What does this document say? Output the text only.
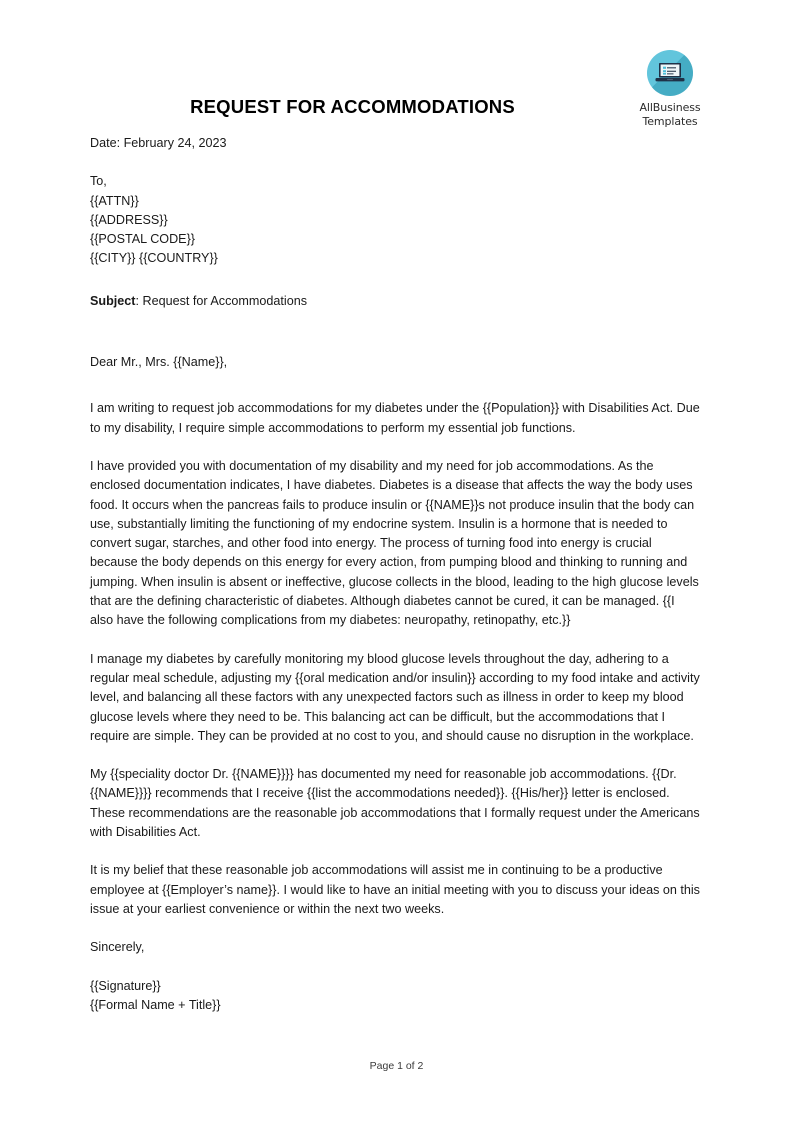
AllBusiness
Templates
REQUEST FOR ACCOMMODATIONS
Date: February 24, 2023
To,
{{ATTN}}
{{ADDRESS}}
{{POSTAL CODE}}
{{CITY}} {{COUNTRY}}
Subject: Request for Accommodations
Dear Mr., Mrs. {{Name}},

I am writing to request job accommodations for my diabetes under the {{Population}} with Disabilities Act. Due to my disability, I require simple accommodations to perform my essential job functions.

I have provided you with documentation of my disability and my need for job accommodations. As the enclosed documentation indicates, I have diabetes. Diabetes is a disease that affects the way the body uses food. It occurs when the pancreas fails to produce insulin or {{NAME}}s not produce insulin that the body can use, substantially limiting the functioning of my endocrine system. Insulin is a hormone that is needed to convert sugar, starches, and other food into energy. The process of turning food into energy is crucial because the body depends on this energy for every action, from pumping blood and thinking to running and jumping. When insulin is absent or ineffective, glucose collects in the blood, leading to the high glucose levels that are the defining characteristic of diabetes. Although diabetes cannot be cured, it can be managed. {{I also have the following complications from my diabetes: neuropathy, retinopathy, etc.}}

I manage my diabetes by carefully monitoring my blood glucose levels throughout the day, adhering to a regular meal schedule, adjusting my {{oral medication and/or insulin}} according to my food intake and activity level, and balancing all these factors with any unexpected factors such as illness in order to keep my blood glucose levels where they need to be. This balancing act can be difficult, but the accommodations that I require are simple. They can be provided at no cost to you, and should cause no disruption in the workplace.

My {{speciality doctor Dr. {{NAME}}}} has documented my need for reasonable job accommodations. {{Dr. {{NAME}}}} recommends that I receive {{list the accommodations needed}}. {{His/her}} letter is enclosed. These recommendations are the reasonable job accommodations that I formally request under the Americans with Disabilities Act.

It is my belief that these reasonable job accommodations will assist me in continuing to be a productive employee at {{Employer’s name}}. I would like to have an initial meeting with you to discuss your ideas on this issue at your earliest convenience or within the next two weeks.

Sincerely,
{{Signature}}
{{Formal Name + Title}}
Page 1 of 2
